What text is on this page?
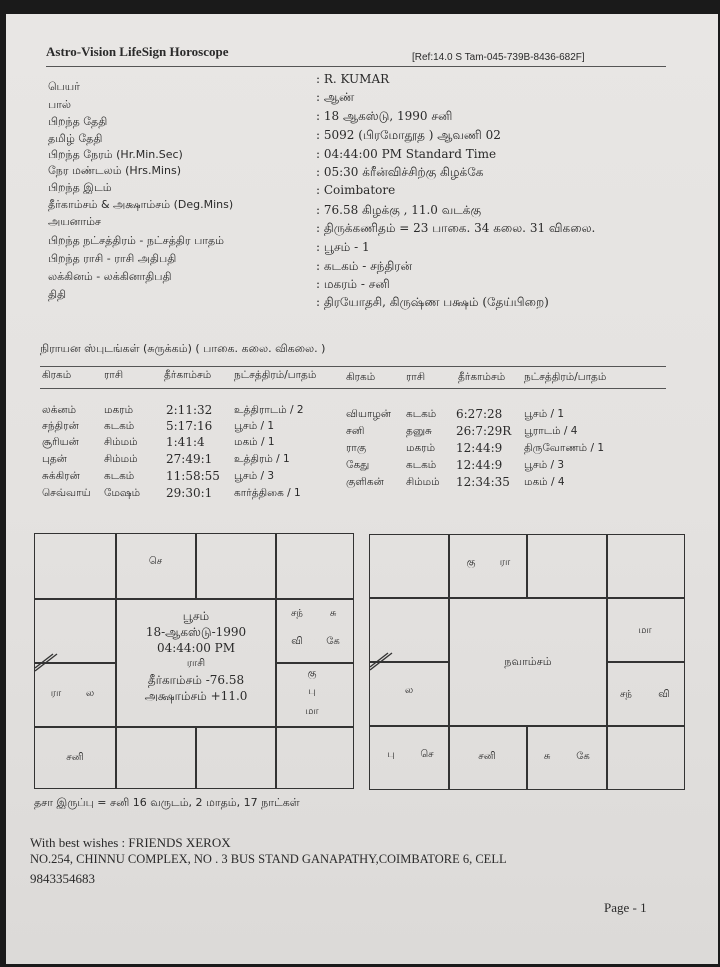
Astro-Vision LifeSign Horoscope	[Ref:14.0 S Tam-045-739B-8436-682F]
பெயர்
: R. KUMAR
பால்
: ஆண்
பிறந்த தேதி	: 18 ஆகஸ்டு, 1990 சனி
தமிழ் தேதி	: 5092 (பிரமோதூத ) ஆவணி 02
பிறந்த நேரம் (Hr.Min.Sec)	: 04:44:00 PM Standard Time
நேர மண்டலம் (Hrs.Mins)	: 05:30 க்ரீன்விச்சிற்கு கிழக்கே
பிறந்த இடம்	: Coimbatore
தீர்காம்சம் & அக்ஷாம்சம் (Deg.Mins)	: 76.58 கிழக்கு , 11.0 வடக்கு
அயனாம்ச	: திருக்கணிதம் = 23 பாகை. 34 கலை. 31 விகலை.
பிறந்த நட்சத்திரம் - நட்சத்திர பாதம்	: பூசம் - 1
பிறந்த ராசி - ராசி அதிபதி
: கடகம் - சந்திரன்
லக்கினம் - லக்கினாதிபதி
: மகரம் - சனி
திதி
: திரயோதசி, கிருஷ்ண பக்ஷம் (தேய்பிறை)
நிராயன ஸ்புடங்கள் (சுருக்கம்) ( பாகை. கலை. விகலை. )
கிரகம்	ராசி	தீர்காம்சம் நட்சத்திரம்/பாதம்	கிரகம்	ராசி	தீர்காம்சம் நட்சத்திரம்/பாதம்
லக்னம்	மகரம்	2:11:32 உத்திராடம் / 2
சந்திரன் கடகம்	5:17:16 பூசம் / 1
சூரியன் சிம்மம் 1:41:4	மகம் / 1
புதன்	சிம்மம் 27:49:1 உத்திரம் / 1
சுக்கிரன் கடகம்	11:58:55 பூசம் / 3
செவ்வாய் மேஷம் 29:30:1 கார்த்திகை / 1
வியாழன் கடகம் 6:27:28 பூசம் / 1
சனி	தனுசு 26:7:29R பூராடம் / 4
ராகு	மகரம் 12:44:9 திருவோணம் / 1
கேது	கடகம் 12:44:9 பூசம் / 3
குளிகன் சிம்மம் 12:34:35 மகம் / 4
செ
சந்	சு
வி	கே
கு
பு
மா
ரா	ல
சனி
பூசம்
18-ஆகஸ்டு-1990
04:44:00 PM
ராசி
தீர்காம்சம் -76.58
அக்ஷாம்சம் +11.0
கு	ரா
மா
சந்	வி
ல
பு	செ	சனி	சு	கே
நவாம்சம்
தசா இருப்பு = சனி 16 வருடம், 2 மாதம், 17 நாட்கள்
With best wishes : FRIENDS XEROX
NO.254, CHINNU COMPLEX, NO . 3 BUS STAND GANAPATHY,COIMBATORE 6, CELL
9843354683
Page - 1
